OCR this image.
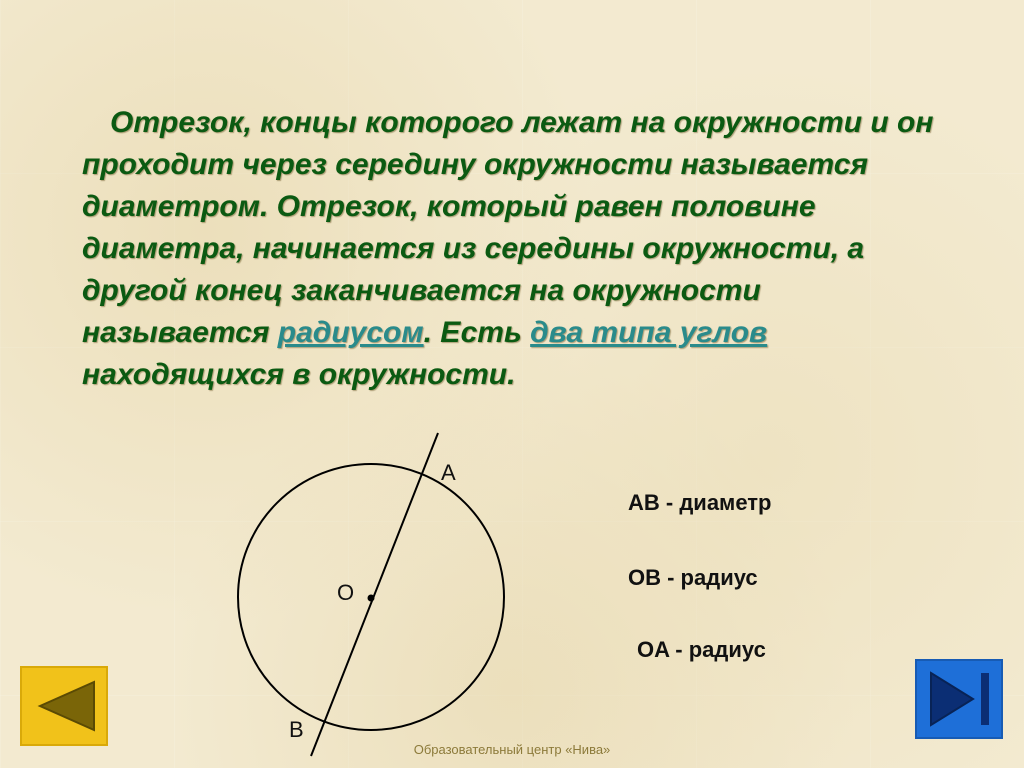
Отрезок, концы которого лежат на окружности и он проходит через середину окружности называется диаметром. Отрезок, который равен половине диаметра, начинается из середины окружности, а другой конец заканчивается на окружности называется радиусом. Есть два типа углов находящихся в окружности.

A
O
B
AB - диаметр
OB - радиус
OA - радиус
Образовательный центр «Нива»
